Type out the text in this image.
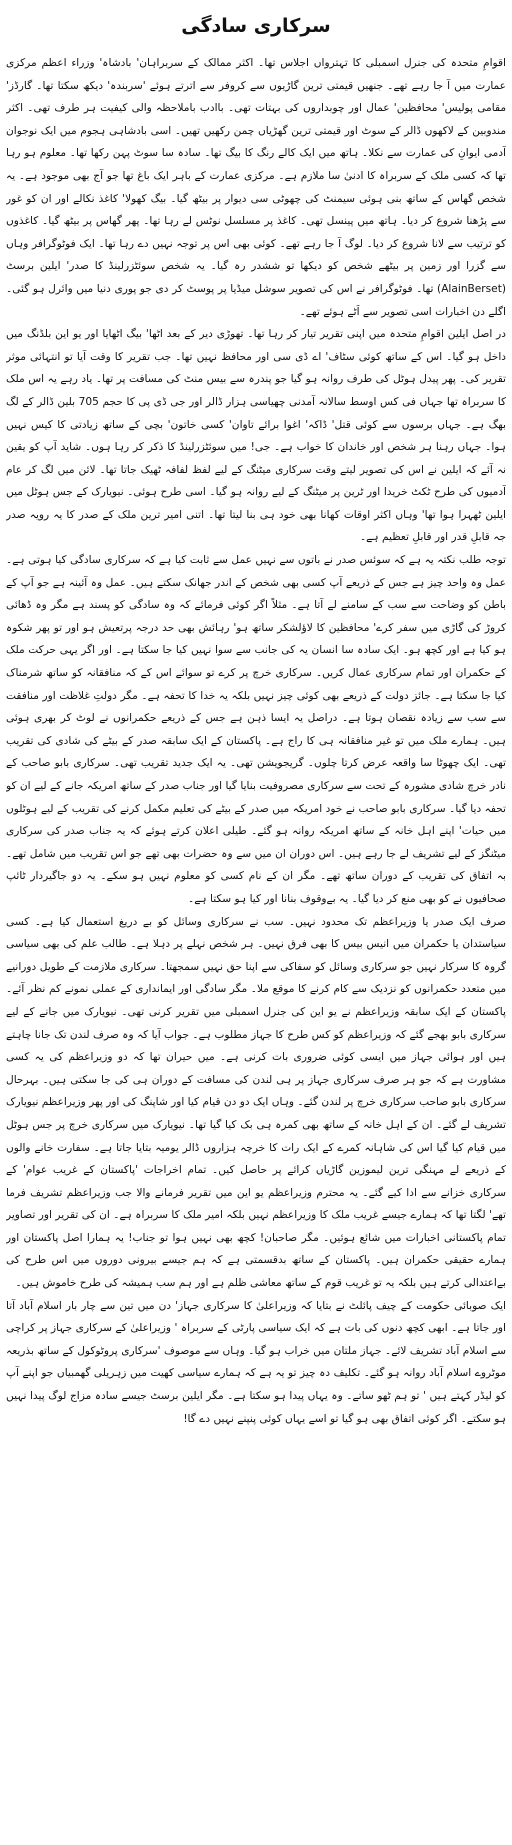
سرکاری سادگی

اقوامِ متحدہ کی جنرل اسمبلی کا تہترواں اجلاس تھا۔ اکثر ممالک کے سربراہان' بادشاہ' وزراء اعظم مرکزی عمارت میں آ جا رہے تھے۔ جنھیں قیمتی ترین گاڑیوں سے کروفر سے اترتے ہوئے 'سربندہ' دیکھ سکتا تھا۔ گارڈز' مقامی پولیس' محافظین' عمال اور چوبداروں کی بہتات تھی۔ باادب باملاحظہ والی کیفیت ہر طرف تھی۔ اکثر مندوبین کے لاکھوں ڈالر کے سوٹ اور قیمتی ترین گھڑیاں چمن رکھیں تھیں۔ اسی بادشاہی ہجوم میں ایک نوجوان آدمی ایوانِ کی عمارت سے نکلا۔ ہاتھ میں ایک کالے رنگ کا بیگ تھا۔ سادہ سا سوٹ پہن رکھا تھا۔ معلوم ہو رہا تھا کہ کسی ملک کے سربراہ کا ادنیٰ سا ملازم ہے۔ مرکزی عمارت کے باہر ایک باغ تھا جو آج بھی موجود ہے۔ یہ شخص گھاس کے ساتھ بنی ہوئی سیمنٹ کی چھوٹی سی دیوار پر بیٹھ گیا۔ بیگ کھولا' کاغذ نکالے اور ان کو غور سے پڑھنا شروع کر دیا۔ ہاتھ میں پینسل تھی۔ کاغذ پر مسلسل نوٹس لے رہا تھا۔ پھر گھاس پر بیٹھ گیا۔ کاغذوں کو ترتیب سے لانا شروع کر دیا۔ لوگ آ جا رہے تھے۔ کوئی بھی اس پر توجہ نہیں دے رہا تھا۔ ایک فوٹوگرافر وہاں سے گزرا اور زمین پر بیٹھے شخص کو دیکھا تو ششدر رہ گیا۔ یہ شخص سوئٹزرلینڈ کا صدر' ایلین برسٹ (AlainBerset) تھا۔ فوٹوگرافر نے اس کی تصویر سوشل میڈیا پر پوسٹ کر دی جو پوری دنیا میں وائرل ہو گئی۔ اگلے دن اخبارات اسی تصویر سے اَٹے ہوئے تھے۔

در اصل ایلین اقوامِ متحدہ میں اپنی تقریر تیار کر رہا تھا۔ تھوڑی دیر کے بعد اٹھا' بیگ اٹھایا اور یو این بلڈنگ میں داخل ہو گیا۔ اس کے ساتھ کوئی سٹاف' اے ڈی سی اور محافظ نہیں تھا۔ جب تقریر کا وقت آیا تو انتہائی موثر تقریر کی۔ پھر پیدل ہوٹل کی طرف روانہ ہو گیا جو پندرہ سے بیس منٹ کی مسافت پر تھا۔ یاد رہے یہ اس ملک کا سربراہ تھا جہاں فی کس اوسط سالانہ آمدنی چھیاسی ہزار ڈالر اور جی ڈی پی کا حجم 705 بلین ڈالر کے لگ بھگ ہے۔ جہاں برسوں سے کوئی قتل' ڈاکہ' اغوا برائے تاوان' کسی خاتون' بچی کے ساتھ زیادتی کا کیس نہیں ہوا۔ جہاں رہنا ہر شخص اور خاندان کا خواب ہے۔ جی! میں سوئٹزرلینڈ کا ذکر کر رہا ہوں۔ شاید آپ کو یقین نہ آئے کہ ایلین نے اس کی تصویر لیتے وقت سرکاری میٹنگ کے لیے لفظ لفافہ ٹھیک جاتا تھا۔ لائن میں لگ کر عام آدمیوں کی طرح ٹکٹ خریدا اور ٹرین پر میٹنگ کے لیے روانہ ہو گیا۔ اسی طرح ہوئی۔ نیویارک کے جس ہوٹل میں ایلین ٹھہرا ہوا تھا' وہاں اکثر اوقات کھانا بھی خود ہی بنا لیتا تھا۔ اتنی امیر ترین ملک کے صدر کا یہ رویہ صدر جہ قابلِ قدر اور قابلِ تعظیم ہے۔

توجہ طلب نکتہ یہ ہے کہ سوئس صدر نے باتوں سے نہیں عمل سے ثابت کیا ہے کہ سرکاری سادگی کیا ہوتی ہے۔ عمل وہ واحد چیز ہے جس کے ذریعے آپ کسی بھی شخص کے اندر جھانک سکتے ہیں۔ عمل وہ آئینہ ہے جو آپ کے باطن کو وضاحت سے سب کے سامنے لے آتا ہے۔ مثلاً اگر کوئی فرمائے کہ وہ سادگی کو پسند ہے مگر وہ ڈھائی کروڑ کی گاڑی میں سفر کرے' محافظین کا لاؤلشکر ساتھ ہو' رہائش بھی حد درجہ پرتعیش ہو اور تو پھر شکوہ ہو کیا ہے اور کچھ ہو۔ ایک سادہ سا انسان یہ کی جانب سے سوا نہیں کیا جا سکتا ہے۔ اور اگر یہی حرکت ملک کے حکمران اور تمام سرکاری عمال کریں۔ سرکاری خرچ پر کرے تو سوائے اس کے کہ منافقانہ کو ساتھ شرمناک کیا جا سکتا ہے۔ جائز دولت کے ذریعے بھی کوئی چیز نہیں بلکہ یہ خدا کا تحفہ ہے۔ مگر دولتِ غلاظت اور منافقت سے سب سے زیادہ نقصان ہوتا ہے۔ دراصل یہ ایسا ذہن ہے جس کے ذریعے حکمرانوں نے لوٹ کر بھری ہوئی ہیں۔ ہمارے ملک میں تو غیر منافقانہ ہی کا راج ہے۔ پاکستان کے ایک سابقہ صدر کے بیٹے کی شادی کی تقریب تھی۔ ایک چھوٹا سا واقعہ عرض کرتا چلوں۔ گریجویشن تھی۔ یہ ایک جدید تقریب تھی۔ سرکاری بابو صاحب کے نادر خرچ شادی مشورہ کے تحت سے سرکاری مصروفیت بنایا گیا اور جناب صدر کے ساتھ امریکہ جانے کے لیے ان کو تحفہ دیا گیا۔ سرکاری بابو صاحب نے خود امریکہ میں صدر کے بیٹے کی تعلیم مکمل کرنے کی تقریب کے لیے ہوٹلوں میں حیات' اپنے اہل خانہ کے ساتھ امریکہ روانہ ہو گئے۔ طیلی اعلان کرتے ہوئے کہ یہ جناب صدر کی سرکاری میٹنگز کے لیے تشریف لے جا رہے ہیں۔ اس دوران ان میں سے وہ حضرات بھی تھے جو اس تقریب میں شامل تھے۔ بہ اتفاق کی تقریب کے دوران ساتھ تھے۔ مگر ان کے نام کسی کو معلوم نہیں ہو سکے۔ یہ دو جاگیردار ٹائپ صحافیوں نے کو بھی منع کر دیا گیا۔ یہ بےوقوف بنانا اور کیا ہو سکتا ہے۔

صرف ایک صدر یا وزیراعظم تک محدود نہیں۔ سب نے سرکاری وسائل کو بے دریغ استعمال کیا ہے۔ کسی سیاستدان یا حکمران میں انیس بیس کا بھی فرق نہیں۔ ہر شخص نہلے پر دہلا ہے۔ طالب علم کی بھی سیاسی گروہ کا سرکار نہیں جو سرکاری وسائل کو سفاکی سے اپنا حق نہیں سمجھتا۔ سرکاری ملازمت کے طویل دورانیے میں متعدد حکمرانوں کو نزدیک سے کام کرنے کا موقع ملا۔ مگر سادگی اور ایمانداری کے عملی نمونے کم نظر آئے۔ پاکستان کے ایک سابقہ وزیراعظم نے یو این کی جنرل اسمبلی میں تقریر کرنی تھی۔ نیویارک میں جانے کے لیے سرکاری بابو بھجے گئے کہ وزیراعظم کو کس طرح کا جہاز مطلوب ہے۔ جواب آیا کہ وہ صرف لندن تک جانا چاہتے ہیں اور ہوائی جہاز میں ایسی کوئی ضروری بات کرنی ہے۔ میں حیران تھا کہ دو وزیراعظم کی یہ کسی مشاورت ہے کہ جو ہر صرف سرکاری جہاز پر ہی لندن کی مسافت کے دوران ہی کی جا سکتی ہیں۔ بہرحال سرکاری بابو صاحب سرکاری خرچ پر لندن گئے۔ وہاں ایک دو دن قیام کیا اور شاپنگ کی اور پھر وزیراعظم نیویارک تشریف لے گئے۔ ان کے اہل خانہ کے ساتھ بھی کمرہ ہی بک کیا گیا تھا۔ نیویارک میں سرکاری خرچ پر جس ہوٹل میں قیام کیا گیا اس کی شاہانہ کمرے کے ایک رات کا خرچہ ہزاروں ڈالر یومیہ بتایا جاتا ہے۔ سفارت خانے والوں کے ذریعے لے مہنگی ترین لیموزین گاڑیاں کرائے پر حاصل کیں۔ تمام اخراجات 'پاکستان کے غریب عوام' کے سرکاری خزانے سے ادا کیے گئے۔ یہ محترم وزیراعظم یو این میں تقریر فرمانے والا جب وزیراعظم تشریف فرما تھے' لگتا تھا کہ ہمارے جیسے غریب ملک کا وزیراعظم نہیں بلکہ امیر ملک کا سربراہ ہے۔ ان کی تقریر اور تصاویر تمام پاکستانی اخبارات میں شائع ہوئیں۔ مگر صاحبان! کچھ بھی نہیں ہوا تو جناب! یہ ہمارا اصل پاکستان اور ہمارے حقیقی حکمران ہیں۔ پاکستان کے ساتھ بدقسمتی ہے کہ ہم جیسے بیرونی دوروں میں اس طرح کی بےاعتدالی کرتے ہیں بلکہ یہ تو غریب قوم کے ساتھ معاشی ظلم ہے اور ہم سب ہمیشہ کی طرح خاموش ہیں۔

ایک صوبائی حکومت کے چیف پائلٹ نے بتایا کہ وزیراعلیٰ کا سرکاری جہاز' دن میں تین سے چار بار اسلام آباد آتا اور جاتا ہے۔ ابھی کچھ دنوں کی بات ہے کہ ایک سیاسی پارٹی کے سربراہ ' وزیراعلیٰ کے سرکاری جہاز پر کراچی سے اسلام آباد تشریف لائے۔ جہاز ملتان میں خراب ہو گیا۔ وہاں سے موصوف 'سرکاری پروٹوکول کے ساتھ بذریعہ موٹروے اسلام آباد روانہ ہو گئے۔ تکلیف دہ چیز تو یہ ہے کہ ہمارے سیاسی کھیت میں زہریلی گھمبیاں جو اپنے آپ کو لیڈر کہتے ہیں ' تو ہم ٹھو ساتے۔ وہ یہاں پیدا ہو سکتا ہے۔ مگر ایلین برسٹ جیسے سادہ مزاج لوگ پیدا نہیں ہو سکتے۔ اگر کوئی اتفاق بھی ہو گیا تو اسے یہاں کوئی پنپنے نہیں دے گا!
